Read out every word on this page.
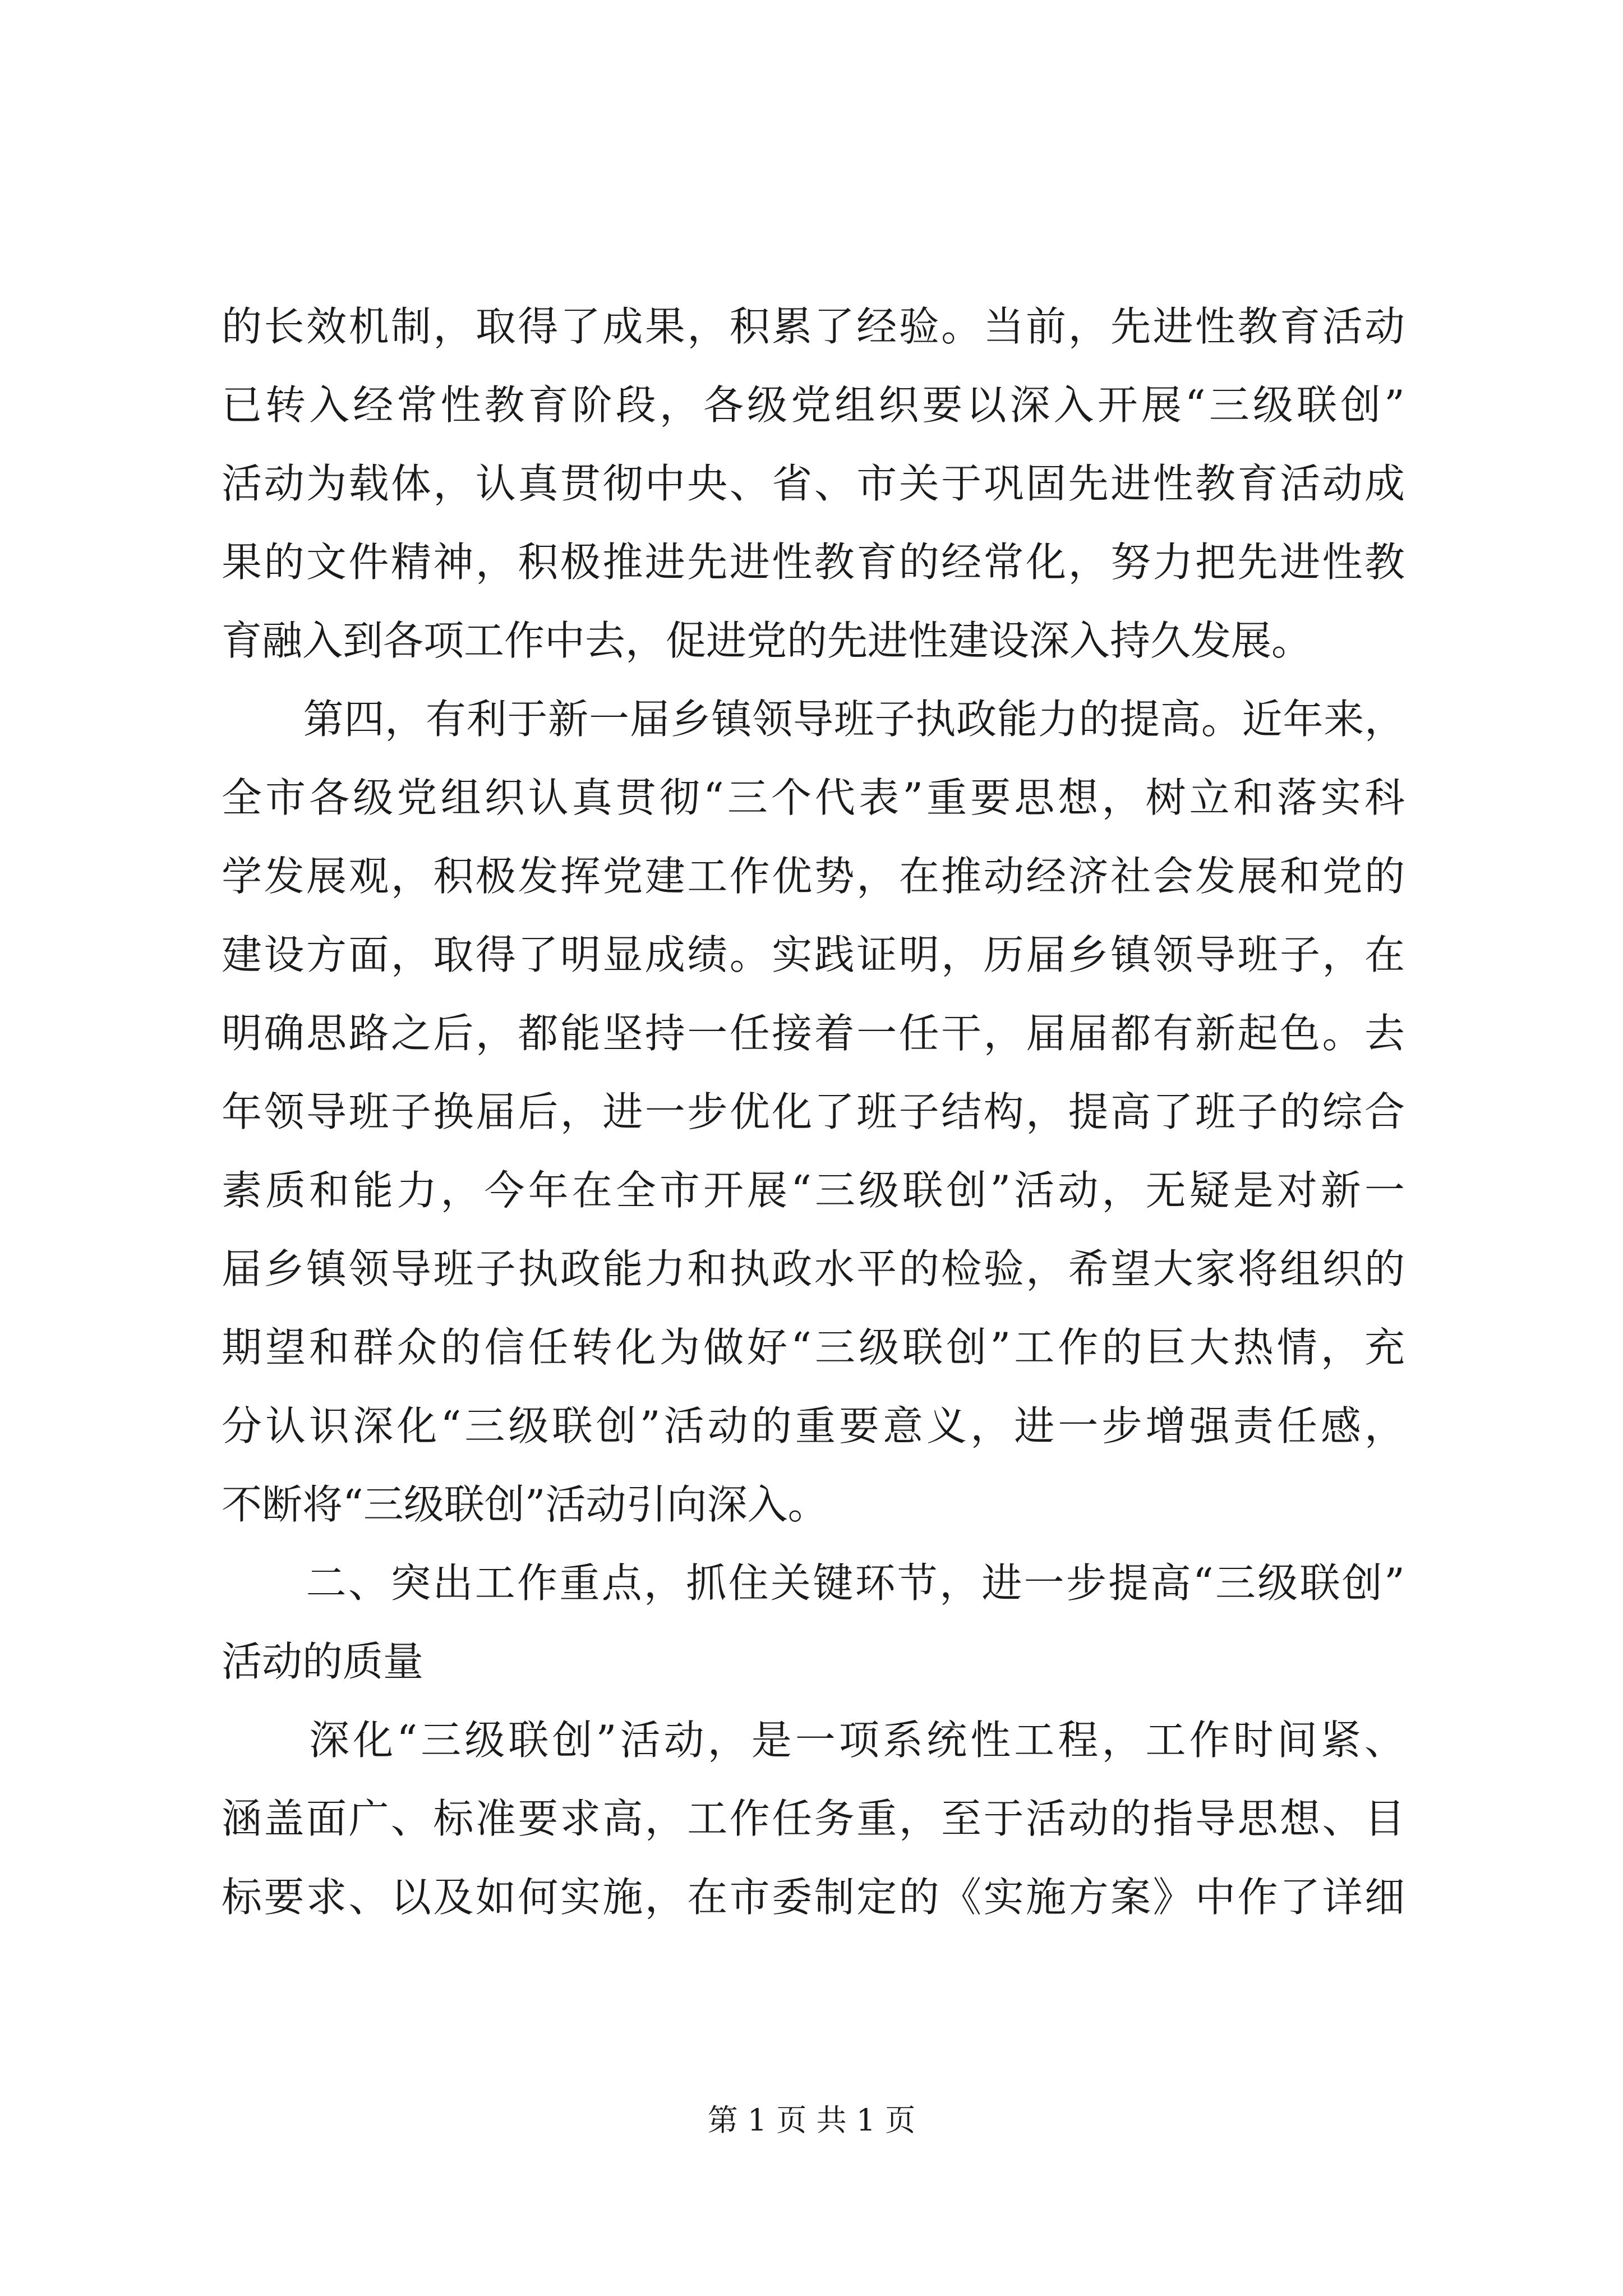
的长效机制，取得了成果，积累了经验。当前，先进性教育活动
已转入经常性教育阶段，各级党组织要以深入开展“三级联创”
活动为载体，认真贯彻中央、省、市关于巩固先进性教育活动成
果的文件精神，积极推进先进性教育的经常化，努力把先进性教
育融入到各项工作中去，促进党的先进性建设深入持久发展。
　　第四，有利于新一届乡镇领导班子执政能力的提高。近年来，
全市各级党组织认真贯彻“三个代表”重要思想，树立和落实科
学发展观，积极发挥党建工作优势，在推动经济社会发展和党的
建设方面，取得了明显成绩。实践证明，历届乡镇领导班子，在
明确思路之后，都能坚持一任接着一任干，届届都有新起色。去
年领导班子换届后，进一步优化了班子结构，提高了班子的综合
素质和能力，今年在全市开展“三级联创”活动，无疑是对新一
届乡镇领导班子执政能力和执政水平的检验，希望大家将组织的
期望和群众的信任转化为做好“三级联创”工作的巨大热情，充
分认识深化“三级联创”活动的重要意义，进一步增强责任感，
不断将“三级联创”活动引向深入。
　　二、突出工作重点，抓住关键环节，进一步提高“三级联创”
活动的质量
　　深化“三级联创”活动，是一项系统性工程，工作时间紧、
涵盖面广、标准要求高，工作任务重，至于活动的指导思想、目
标要求、以及如何实施，在市委制定的《实施方案》中作了详细
第 1 页 共 1 页
